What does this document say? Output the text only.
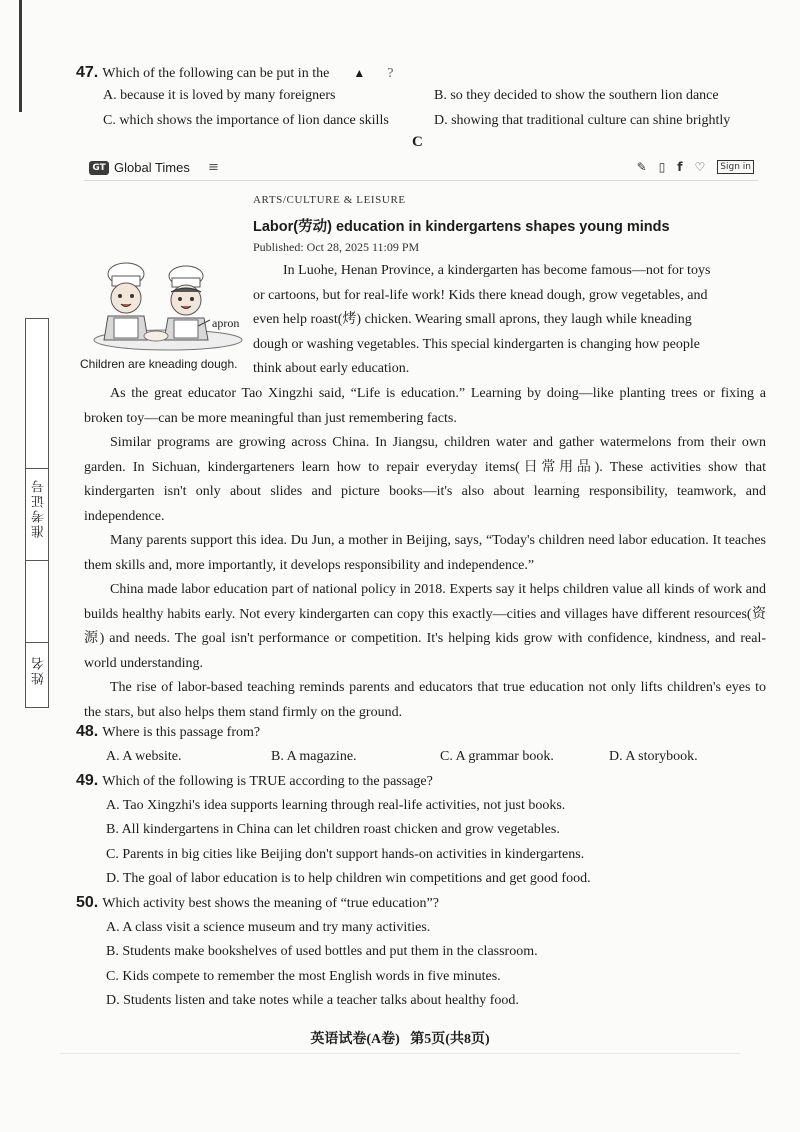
准考证号
姓名
47. Which of the following can be put in the ▲ ?
A. because it is loved by many foreigners	B. so they decided to show the southern lion dance
C. which shows the importance of lion dance skills	D. showing that traditional culture can shine brightly
C
GT Global Times ≡	✎ ▯ f ♡	Sign in
ARTS/CULTURE & LEISURE
Labor(劳动) education in kindergartens shapes young minds
Published: Oct 28, 2025 11:09 PM
apron
Children are kneading dough.
In Luohe, Henan Province, a kindergarten has become famous—not for toys
or cartoons, but for real-life work! Kids there knead dough, grow vegetables, and
even help roast(烤) chicken. Wearing small aprons, they laugh while kneading
dough or washing vegetables. This special kindergarten is changing how people
think about early education.
As the great educator Tao Xingzhi said, “Life is education.” Learning by doing—like planting trees or fixing a broken toy—can be more meaningful than just remembering facts.
Similar programs are growing across China. In Jiangsu, children water and gather watermelons from their own garden. In Sichuan, kindergarteners learn how to repair everyday items(日常用品). These activities show that kindergarten isn't only about slides and picture books—it's also about learning responsibility, teamwork, and independence.
Many parents support this idea. Du Jun, a mother in Beijing, says, “Today's children need labor education. It teaches them skills and, more importantly, it develops responsibility and independence.”
China made labor education part of national policy in 2018. Experts say it helps children value all kinds of work and builds healthy habits early. Not every kindergarten can copy this exactly—cities and villages have different resources(资源) and needs. The goal isn't performance or competition. It's helping kids grow with confidence, kindness, and real-world understanding.
The rise of labor-based teaching reminds parents and educators that true education not only lifts children's eyes to the stars, but also helps them stand firmly on the ground.
48. Where is this passage from?
A. A website.	B. A magazine.	C. A grammar book.	D. A storybook.
49. Which of the following is TRUE according to the passage?
A. Tao Xingzhi's idea supports learning through real-life activities, not just books.
B. All kindergartens in China can let children roast chicken and grow vegetables.
C. Parents in big cities like Beijing don't support hands-on activities in kindergartens.
D. The goal of labor education is to help children win competitions and get good food.
50. Which activity best shows the meaning of “true education”?
A. A class visit a science museum and try many activities.
B. Students make bookshelves of used bottles and put them in the classroom.
C. Kids compete to remember the most English words in five minutes.
D. Students listen and take notes while a teacher talks about healthy food.
英语试卷(A卷)   第5页(共8页)
